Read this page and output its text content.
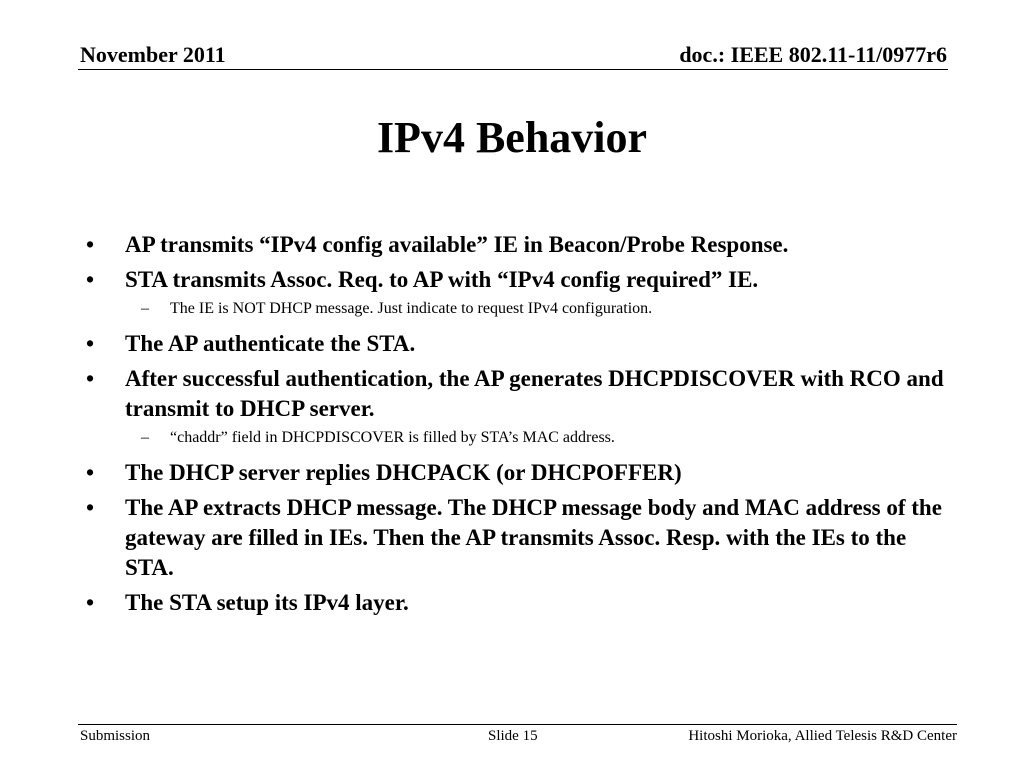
November 2011	doc.: IEEE 802.11-11/0977r6
IPv4 Behavior
• AP transmits “IPv4 config available” IE in Beacon/Probe Response.
• STA transmits Assoc. Req. to AP with “IPv4 config required” IE.
– The IE is NOT DHCP message. Just indicate to request IPv4 configuration.
• The AP authenticate the STA.
• After successful authentication, the AP generates DHCPDISCOVER with RCO and transmit to DHCP server.
– “chaddr” field in DHCPDISCOVER is filled by STA’s MAC address.
• The DHCP server replies DHCPACK (or DHCPOFFER)
• The AP extracts DHCP message. The DHCP message body and MAC address of the gateway are filled in IEs. Then the AP transmits Assoc. Resp. with the IEs to the STA.
• The STA setup its IPv4 layer.
Submission	Slide 15	Hitoshi Morioka, Allied Telesis R&D Center
